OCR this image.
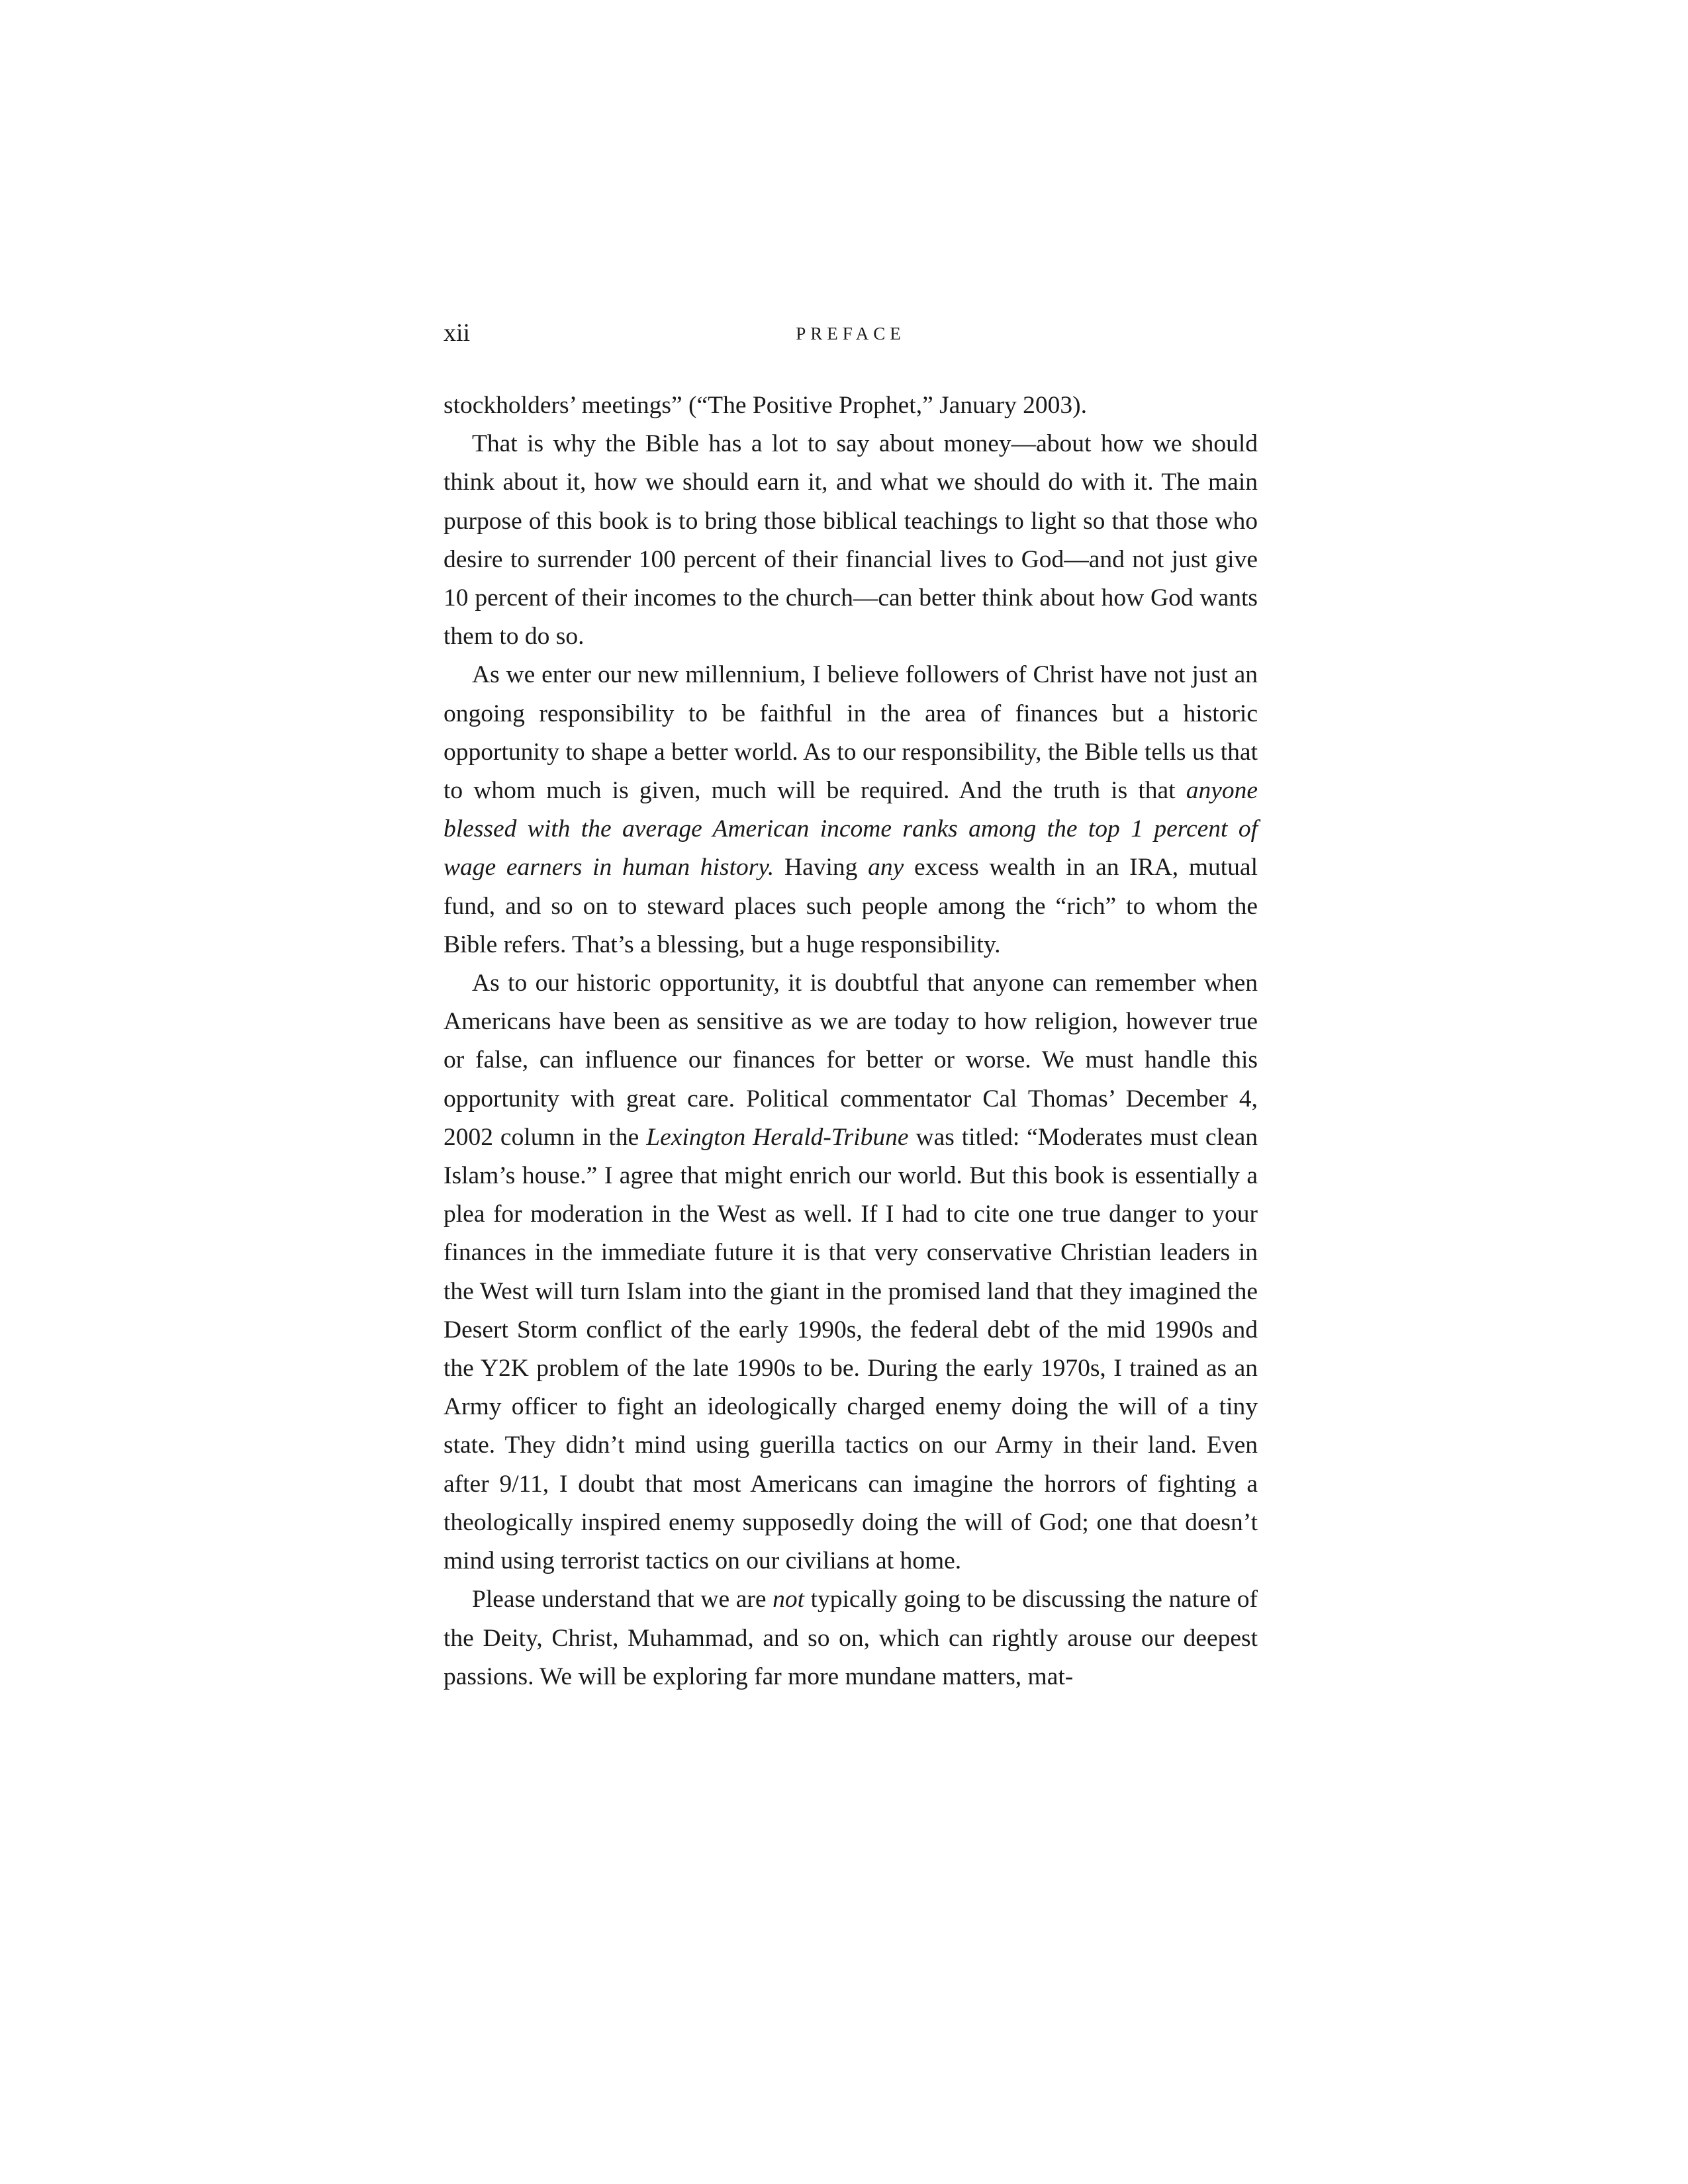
xii	PREFACE

stockholders’ meetings” (“The Positive Prophet,” January 2003).

That is why the Bible has a lot to say about money—about how we should think about it, how we should earn it, and what we should do with it. The main purpose of this book is to bring those biblical teachings to light so that those who desire to surrender 100 percent of their financial lives to God—and not just give 10 percent of their incomes to the church—can better think about how God wants them to do so.

As we enter our new millennium, I believe followers of Christ have not just an ongoing responsibility to be faithful in the area of finances but a historic opportunity to shape a better world. As to our responsibility, the Bible tells us that to whom much is given, much will be required. And the truth is that anyone blessed with the average American income ranks among the top 1 percent of wage earners in human history. Having any excess wealth in an IRA, mutual fund, and so on to steward places such people among the “rich” to whom the Bible refers. That’s a blessing, but a huge responsibility.

As to our historic opportunity, it is doubtful that anyone can remember when Americans have been as sensitive as we are today to how religion, however true or false, can influence our finances for better or worse. We must handle this opportunity with great care. Political commentator Cal Thomas’ December 4, 2002 column in the Lexington Herald-Tribune was titled: “Moderates must clean Islam’s house.” I agree that might enrich our world. But this book is essentially a plea for moderation in the West as well. If I had to cite one true danger to your finances in the immediate future it is that very conservative Christian leaders in the West will turn Islam into the giant in the promised land that they imagined the Desert Storm conflict of the early 1990s, the federal debt of the mid 1990s and the Y2K problem of the late 1990s to be. During the early 1970s, I trained as an Army officer to fight an ideologically charged enemy doing the will of a tiny state. They didn’t mind using guerilla tactics on our Army in their land. Even after 9/11, I doubt that most Americans can imagine the horrors of fighting a theologically inspired enemy supposedly doing the will of God; one that doesn’t mind using terrorist tactics on our civilians at home.

Please understand that we are not typically going to be discussing the nature of the Deity, Christ, Muhammad, and so on, which can rightly arouse our deepest passions. We will be exploring far more mundane matters, mat-
